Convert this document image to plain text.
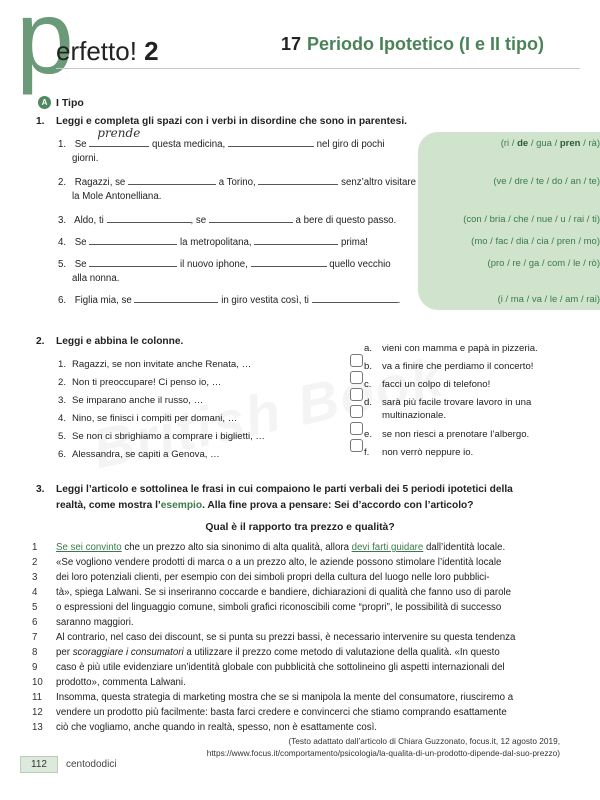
p
erfetto! 2	17 Periodo Ipotetico (I e II tipo)
A I Tipo
1. Leggi e completa gli spazi con i verbi in disordine che sono in parentesi.
1. Se
prende
questa medicina,	nel giro di pochi
giorni.
(ri / de / gua / pren / rà)
2. Ragazzi, se	a Torino,	senz’altro visitare
la Mole Antonelliana.
(ve / dre / te / do / an / te)
3. Aldo, ti	, se	a bere di questo passo.	(con / bria / che / nue / u / rai / ti)
4. Se	la metropolitana,	prima!	(mo / fac / dia / cia / pren / mo)
5. Se	il nuovo iphone,	quello vecchio
alla nonna.
(pro / re / ga / com / le / rò)
6. Figlia mia, se	in giro vestita così, ti	.	(i / ma / va / le / am / rai)
2. Leggi e abbina le colonne.
1. Ragazzi, se non invitate anche Renata, …
2. Non ti preoccupare! Ci penso io, …
3. Se imparano anche il russo, …
4. Nino, se finisci i compiti per domani, …
5. Se non ci sbrighiamo a comprare i biglietti, …
6. Alessandra, se capiti a Genova, …
a. vieni con mamma e papà in pizzeria.
b. va a finire che perdiamo il concerto!
c. facci un colpo di telefono!
d. sarà più facile trovare lavoro in una multinazionale.
e. se non riesci a prenotare l’albergo.
f. non verrò neppure io.
3. Leggi l’articolo e sottolinea le frasi in cui compaiono le parti verbali dei 5 periodi ipotetici della
realtà, come mostra l’esempio. Alla fine prova a pensare: Sei d’accordo con l’articolo?
Qual è il rapporto tra prezzo e qualità?
1 Se sei convinto che un prezzo alto sia sinonimo di alta qualità, allora devi farti guidare dall’identità locale.
2 «Se vogliono vendere prodotti di marca o a un prezzo alto, le aziende possono stimolare l’identità locale
3 dei loro potenziali clienti, per esempio con dei simboli propri della cultura del luogo nelle loro pubblici-
4 tà», spiega Lalwani. Se si inseriranno coccarde e bandiere, dichiarazioni di qualità che fanno uso di parole
5 o espressioni del linguaggio comune, simboli grafici riconoscibili come “propri”, le possibilità di successo
6 saranno maggiori.
7 Al contrario, nel caso dei discount, se si punta su prezzi bassi, è necessario intervenire su questa tendenza
8 per scoraggiare i consumatori a utilizzare il prezzo come metodo di valutazione della qualità. «In questo
9 caso è più utile evidenziare un’identità globale con pubblicità che sottolineino gli aspetti internazionali del
10 prodotto», commenta Lalwani.
11 Insomma, questa strategia di marketing mostra che se si manipola la mente del consumatore, riusciremo a
12 vendere un prodotto più facilmente: basta farci credere e convincerci che stiamo comprando esattamente
13 ciò che vogliamo, anche quando in realtà, spesso, non è esattamente così.
(Testo adattato dall’articolo di Chiara Guzzonato, focus.it, 12 agosto 2019,
https://www.focus.it/comportamento/psicologia/la-qualita-di-un-prodotto-dipende-dal-suo-prezzo)
112	centododici
